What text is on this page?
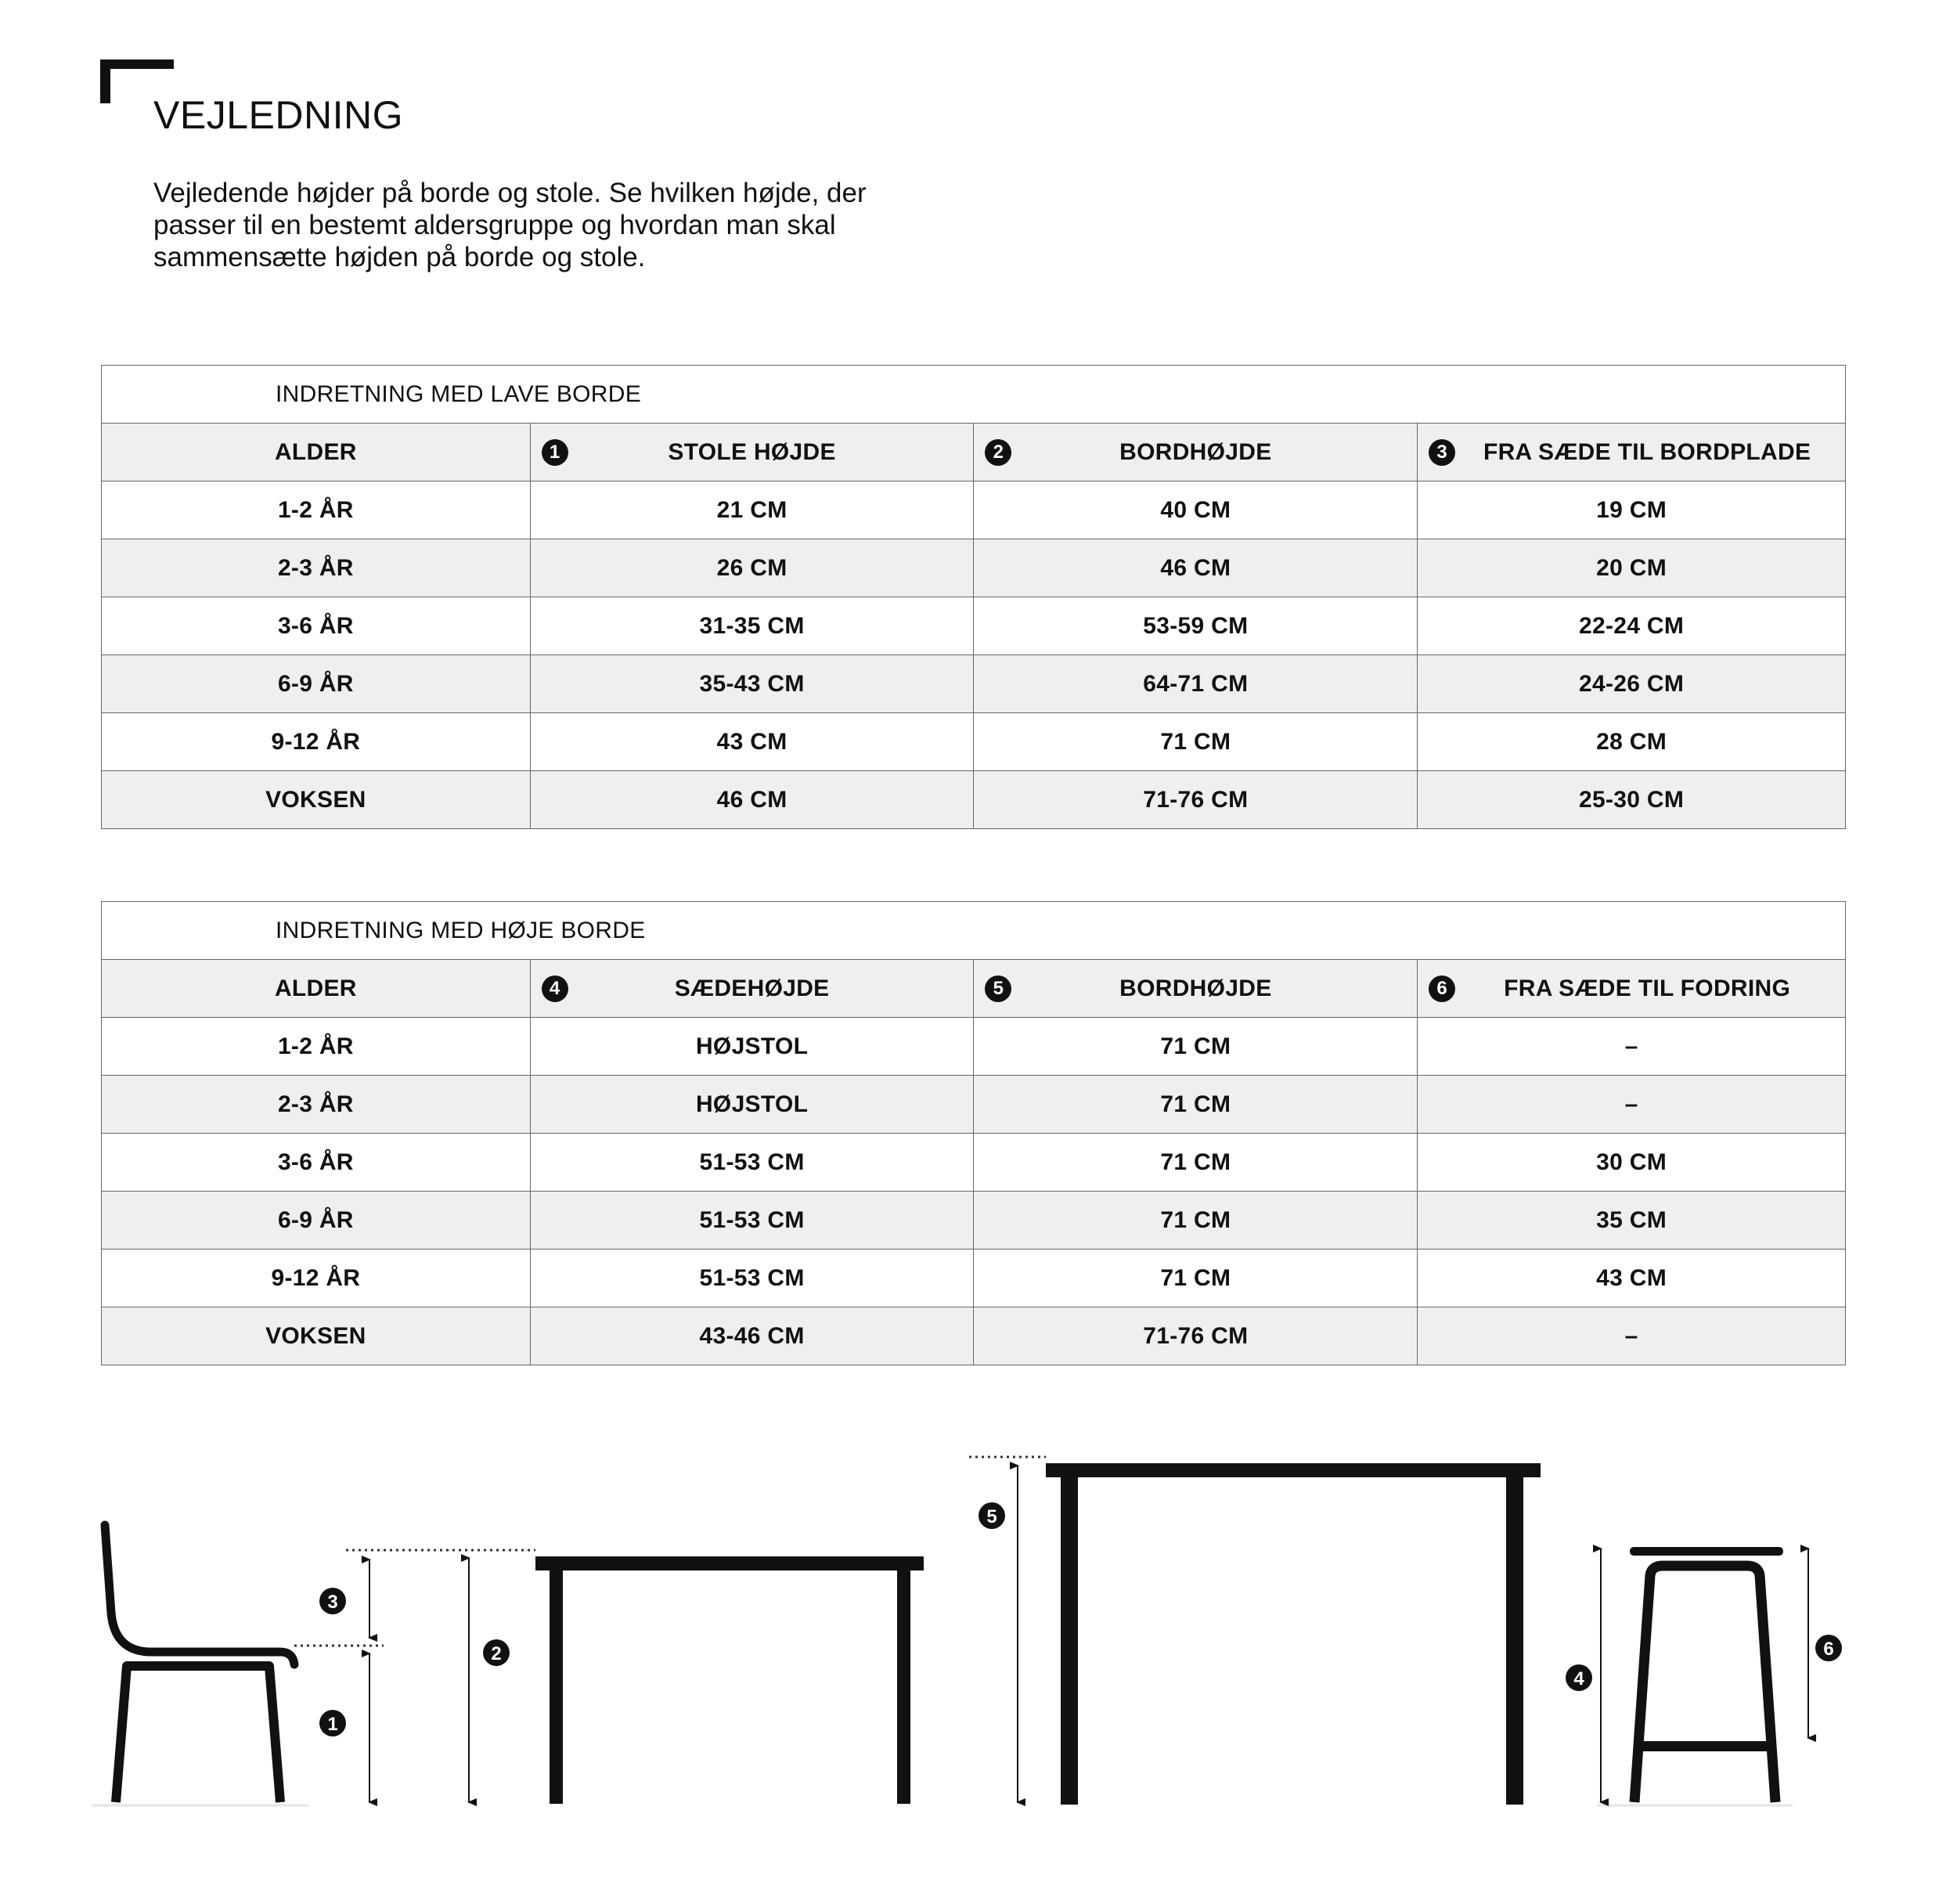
VEJLEDNING

Vejledende højder på borde og stole. Se hvilken højde, der
passer til en bestemt aldersgruppe og hvordan man skal
sammensætte højden på borde og stole.

INDRETNING MED LAVE BORDE			
ALDER	1 STOLE HØJDE	2 BORDHØJDE	3 FRA SÆDE TIL BORDPLADE
1-2 ÅR	21 CM	40 CM	19 CM
2-3 ÅR	26 CM	46 CM	20 CM
3-6 ÅR	31-35 CM	53-59 CM	22-24 CM
6-9 ÅR	35-43 CM	64-71 CM	24-26 CM
9-12 ÅR	43 CM	71 CM	28 CM
VOKSEN	46 CM	71-76 CM	25-30 CM
INDRETNING MED HØJE BORDE			
ALDER	4 SÆDEHØJDE	5 BORDHØJDE	6 FRA SÆDE TIL FODRING
1-2 ÅR	HØJSTOL	71 CM	–
2-3 ÅR	HØJSTOL	71 CM	–
3-6 ÅR	51-53 CM	71 CM	30 CM
6-9 ÅR	51-53 CM	71 CM	35 CM
9-12 ÅR	51-53 CM	71 CM	43 CM
VOKSEN	43-46 CM	71-76 CM	–
1
2
3
4
5
6
